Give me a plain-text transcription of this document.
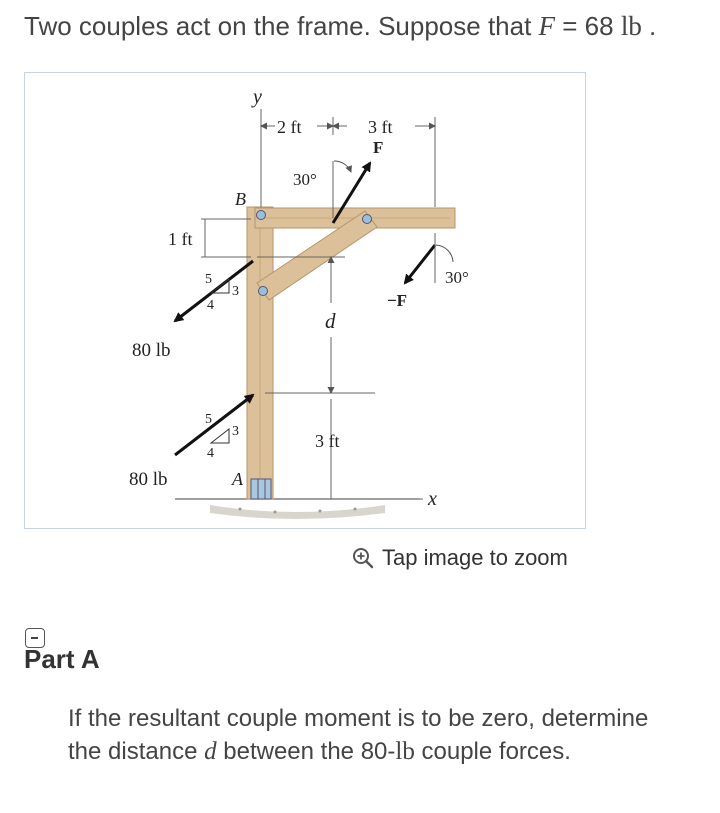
Two couples act on the frame. Suppose that F = 68 lb .
y
x
2 ft	3 ft
F
30°
−F
30°
B
A
1 ft
5
3
4
80 lb
d
3 ft
5
3
4
80 lb
Tap image to zoom
Part A
If the resultant couple moment is to be zero, determine the distance d between the 80-lb couple forces.
